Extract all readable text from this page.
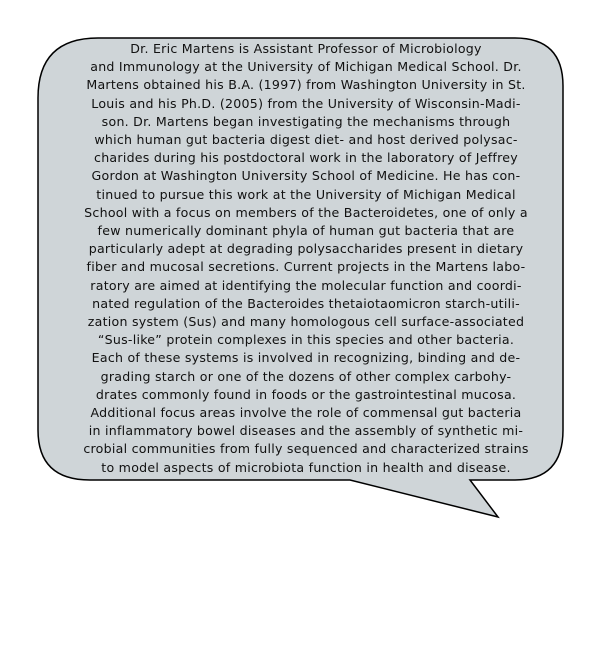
Dr. Eric Martens is Assistant Professor of Microbiology
and Immunology at the University of Michigan Medical School. Dr.
Martens obtained his B.A. (1997) from Washington University in St.
Louis and his Ph.D. (2005) from the University of Wisconsin-Madi-
son. Dr. Martens began investigating the mechanisms through
which human gut bacteria digest diet- and host derived polysac-
charides during his postdoctoral work in the laboratory of Jeffrey
Gordon at Washington University School of Medicine. He has con-
tinued to pursue this work at the University of Michigan Medical
School with a focus on members of the Bacteroidetes, one of only a
few numerically dominant phyla of human gut bacteria that are
particularly adept at degrading polysaccharides present in dietary
fiber and mucosal secretions. Current projects in the Martens labo-
ratory are aimed at identifying the molecular function and coordi-
nated regulation of the Bacteroides thetaiotaomicron starch-utili-
zation system (Sus) and many homologous cell surface-associated
“Sus-like” protein complexes in this species and other bacteria.
Each of these systems is involved in recognizing, binding and de-
grading starch or one of the dozens of other complex carbohy-
drates commonly found in foods or the gastrointestinal mucosa.
Additional focus areas involve the role of commensal gut bacteria
in inflammatory bowel diseases and the assembly of synthetic mi-
crobial communities from fully sequenced and characterized strains
to model aspects of microbiota function in health and disease.
